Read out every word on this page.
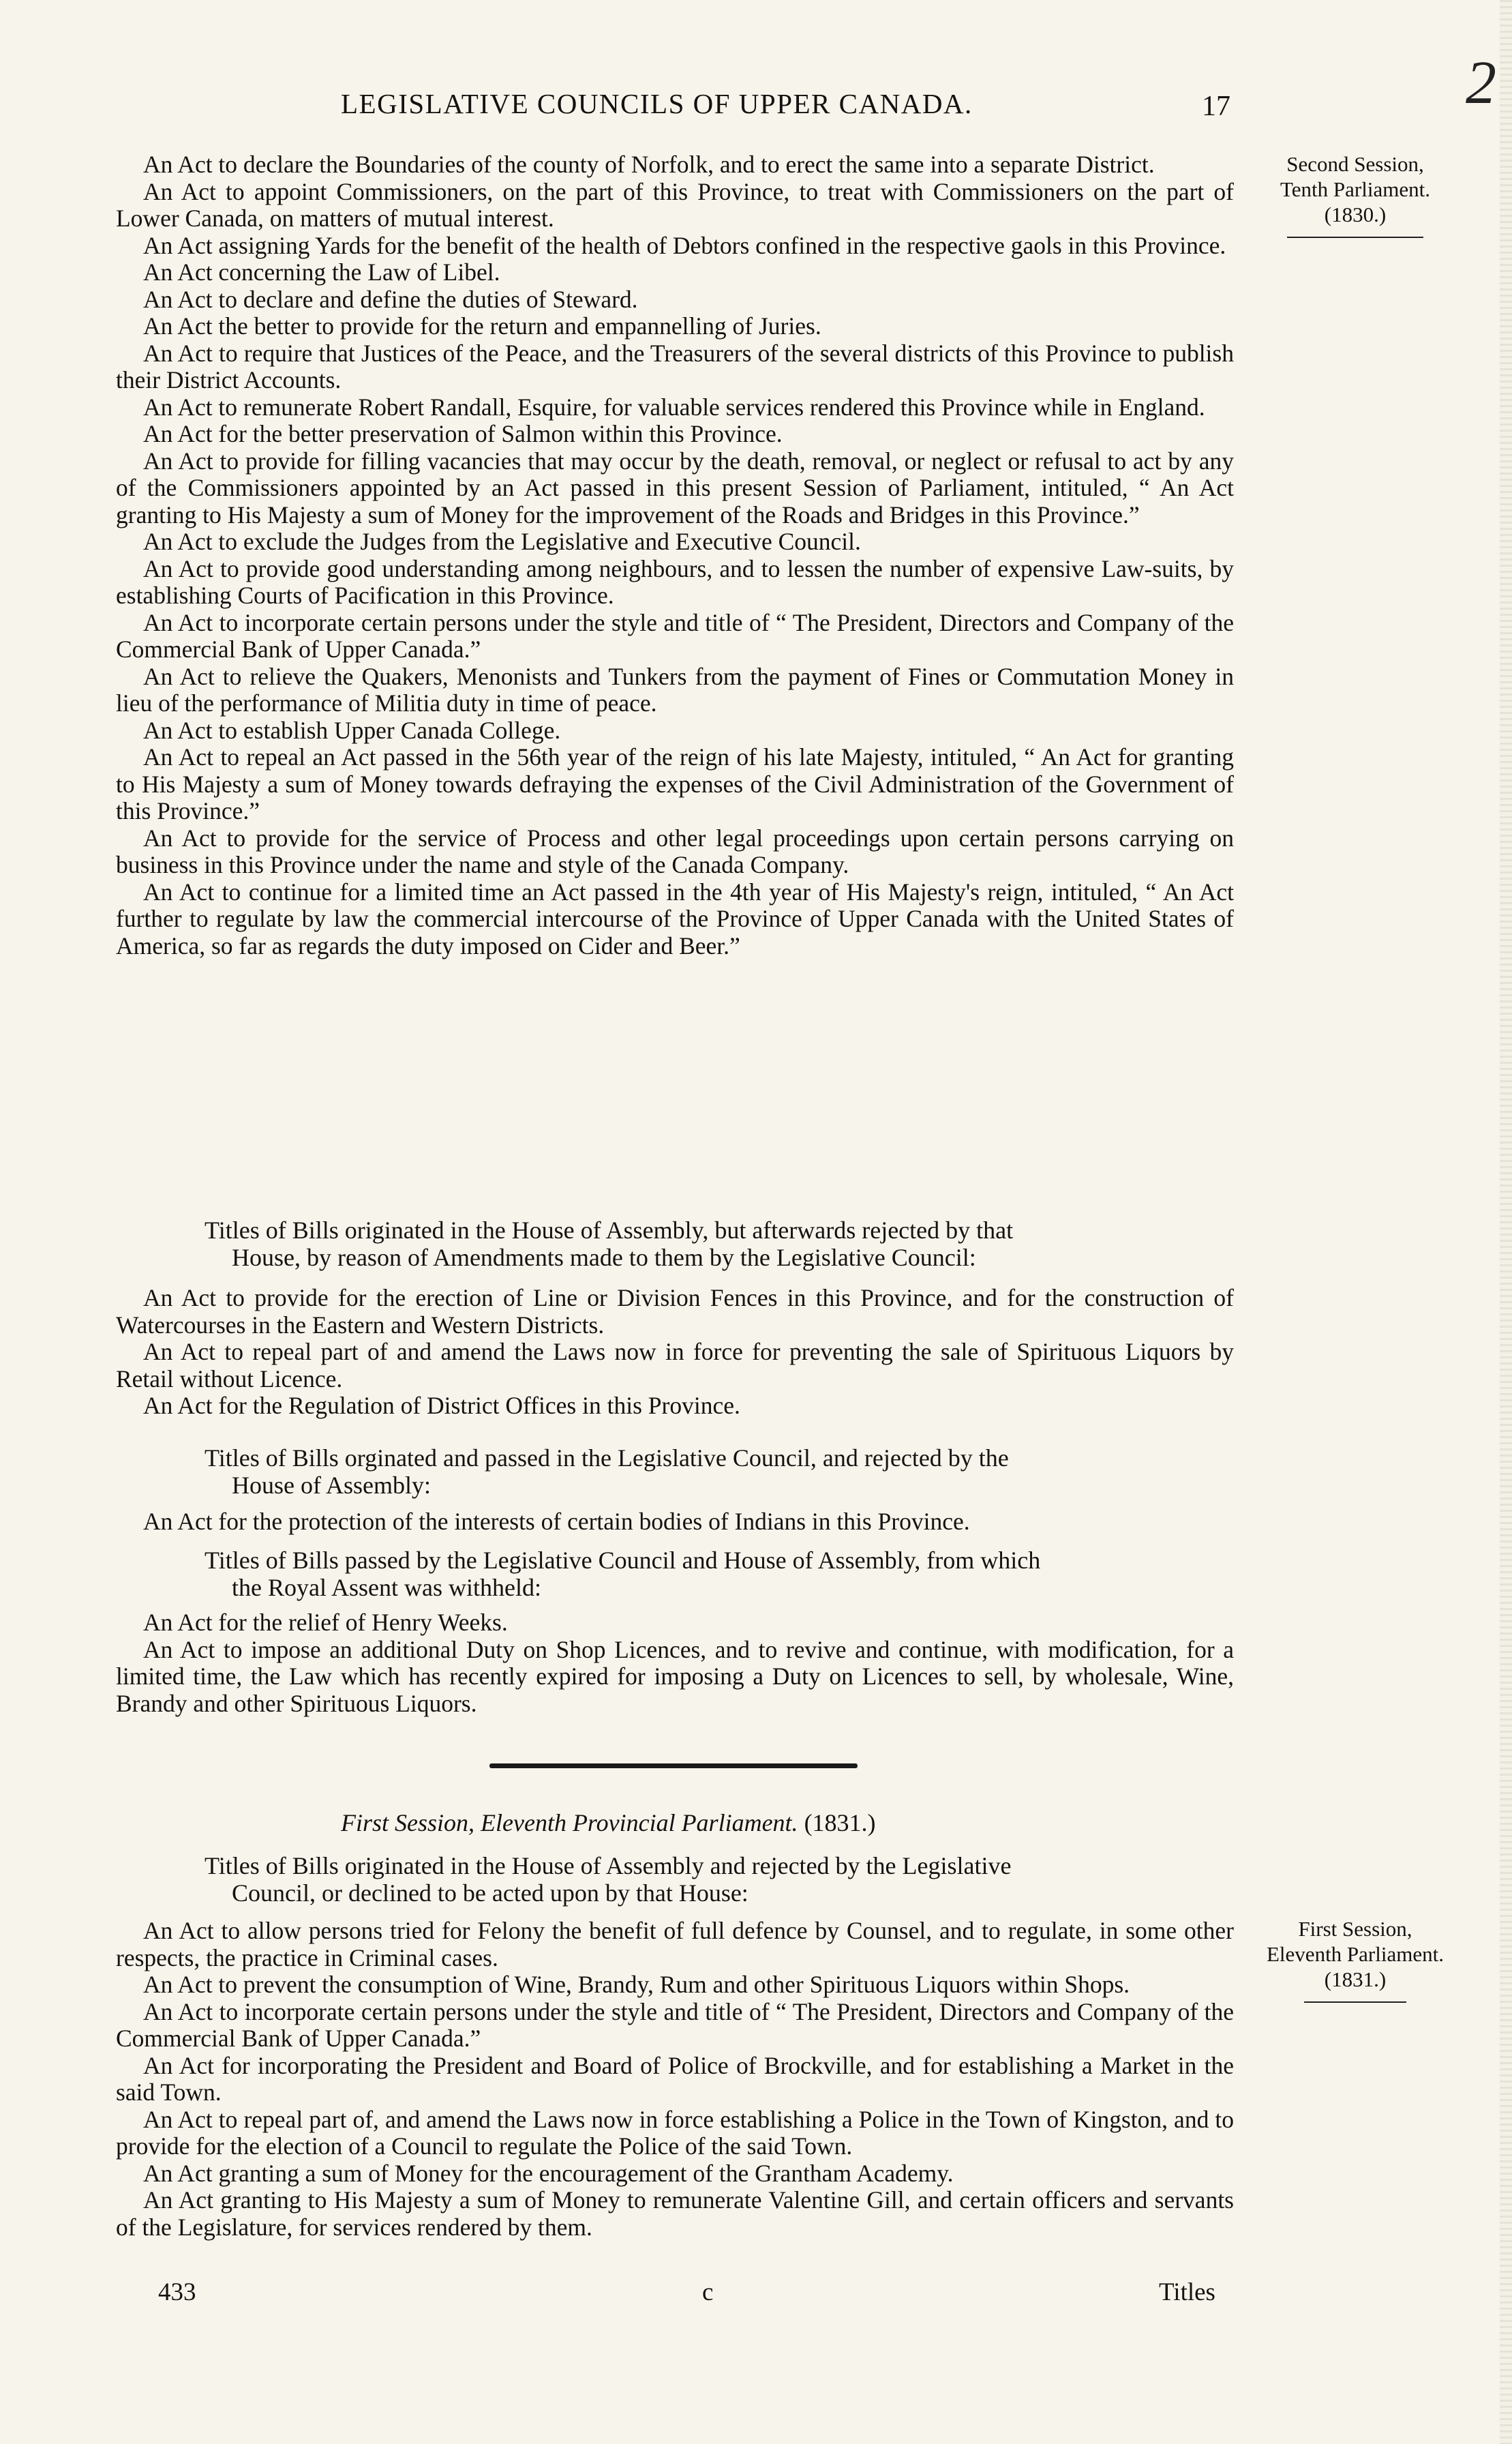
LEGISLATIVE COUNCILS OF UPPER CANADA.	17	2
Second Session,
Tenth Parliament.
(1830.)

An Act to declare the Boundaries of the county of Norfolk, and to erect the same into a separate District.

An Act to appoint Commissioners, on the part of this Province, to treat with Commissioners on the part of Lower Canada, on matters of mutual interest.

An Act assigning Yards for the benefit of the health of Debtors confined in the respective gaols in this Province.

An Act concerning the Law of Libel.

An Act to declare and define the duties of Steward.

An Act the better to provide for the return and empannelling of Juries.

An Act to require that Justices of the Peace, and the Treasurers of the several districts of this Province to publish their District Accounts.

An Act to remunerate Robert Randall, Esquire, for valuable services rendered this Province while in England.

An Act for the better preservation of Salmon within this Province.

An Act to provide for filling vacancies that may occur by the death, removal, or neglect or refusal to act by any of the Commissioners appointed by an Act passed in this present Session of Parliament, intituled, “ An Act granting to His Majesty a sum of Money for the improvement of the Roads and Bridges in this Province.”

An Act to exclude the Judges from the Legislative and Executive Council.

An Act to provide good understanding among neighbours, and to lessen the number of expensive Law-suits, by establishing Courts of Pacification in this Province.

An Act to incorporate certain persons under the style and title of “ The President, Directors and Company of the Commercial Bank of Upper Canada.”

An Act to relieve the Quakers, Menonists and Tunkers from the payment of Fines or Commutation Money in lieu of the performance of Militia duty in time of peace.

An Act to establish Upper Canada College.

An Act to repeal an Act passed in the 56th year of the reign of his late Majesty, intituled, “ An Act for granting to His Majesty a sum of Money towards defraying the expenses of the Civil Administration of the Government of this Province.”

An Act to provide for the service of Process and other legal proceedings upon certain persons carrying on business in this Province under the name and style of the Canada Company.

An Act to continue for a limited time an Act passed in the 4th year of His Majesty's reign, intituled, “ An Act further to regulate by law the commercial intercourse of the Province of Upper Canada with the United States of America, so far as regards the duty imposed on Cider and Beer.”

Titles of Bills originated in the House of Assembly, but afterwards rejected by that
House, by reason of Amendments made to them by the Legislative Council:

An Act to provide for the erection of Line or Division Fences in this Province, and for the construction of Watercourses in the Eastern and Western Districts.

An Act to repeal part of and amend the Laws now in force for preventing the sale of Spirituous Liquors by Retail without Licence.

An Act for the Regulation of District Offices in this Province.

Titles of Bills orginated and passed in the Legislative Council, and rejected by the
House of Assembly:

An Act for the protection of the interests of certain bodies of Indians in this Province.

Titles of Bills passed by the Legislative Council and House of Assembly, from which
the Royal Assent was withheld:

An Act for the relief of Henry Weeks.

An Act to impose an additional Duty on Shop Licences, and to revive and continue, with modification, for a limited time, the Law which has recently expired for imposing a Duty on Licences to sell, by wholesale, Wine, Brandy and other Spirituous Liquors.

First Session, Eleventh Provincial Parliament. (1831.)
First Session,
Eleventh Parliament.
(1831.)

Titles of Bills originated in the House of Assembly and rejected by the Legislative
Council, or declined to be acted upon by that House:

An Act to allow persons tried for Felony the benefit of full defence by Counsel, and to regulate, in some other respects, the practice in Criminal cases.

An Act to prevent the consumption of Wine, Brandy, Rum and other Spirituous Liquors within Shops.

An Act to incorporate certain persons under the style and title of “ The President, Directors and Company of the Commercial Bank of Upper Canada.”

An Act for incorporating the President and Board of Police of Brockville, and for establishing a Market in the said Town.

An Act to repeal part of, and amend the Laws now in force establishing a Police in the Town of Kingston, and to provide for the election of a Council to regulate the Police of the said Town.

An Act granting a sum of Money for the encouragement of the Grantham Academy.

An Act granting to His Majesty a sum of Money to remunerate Valentine Gill, and certain officers and servants of the Legislature, for services rendered by them.

433	c	Titles
